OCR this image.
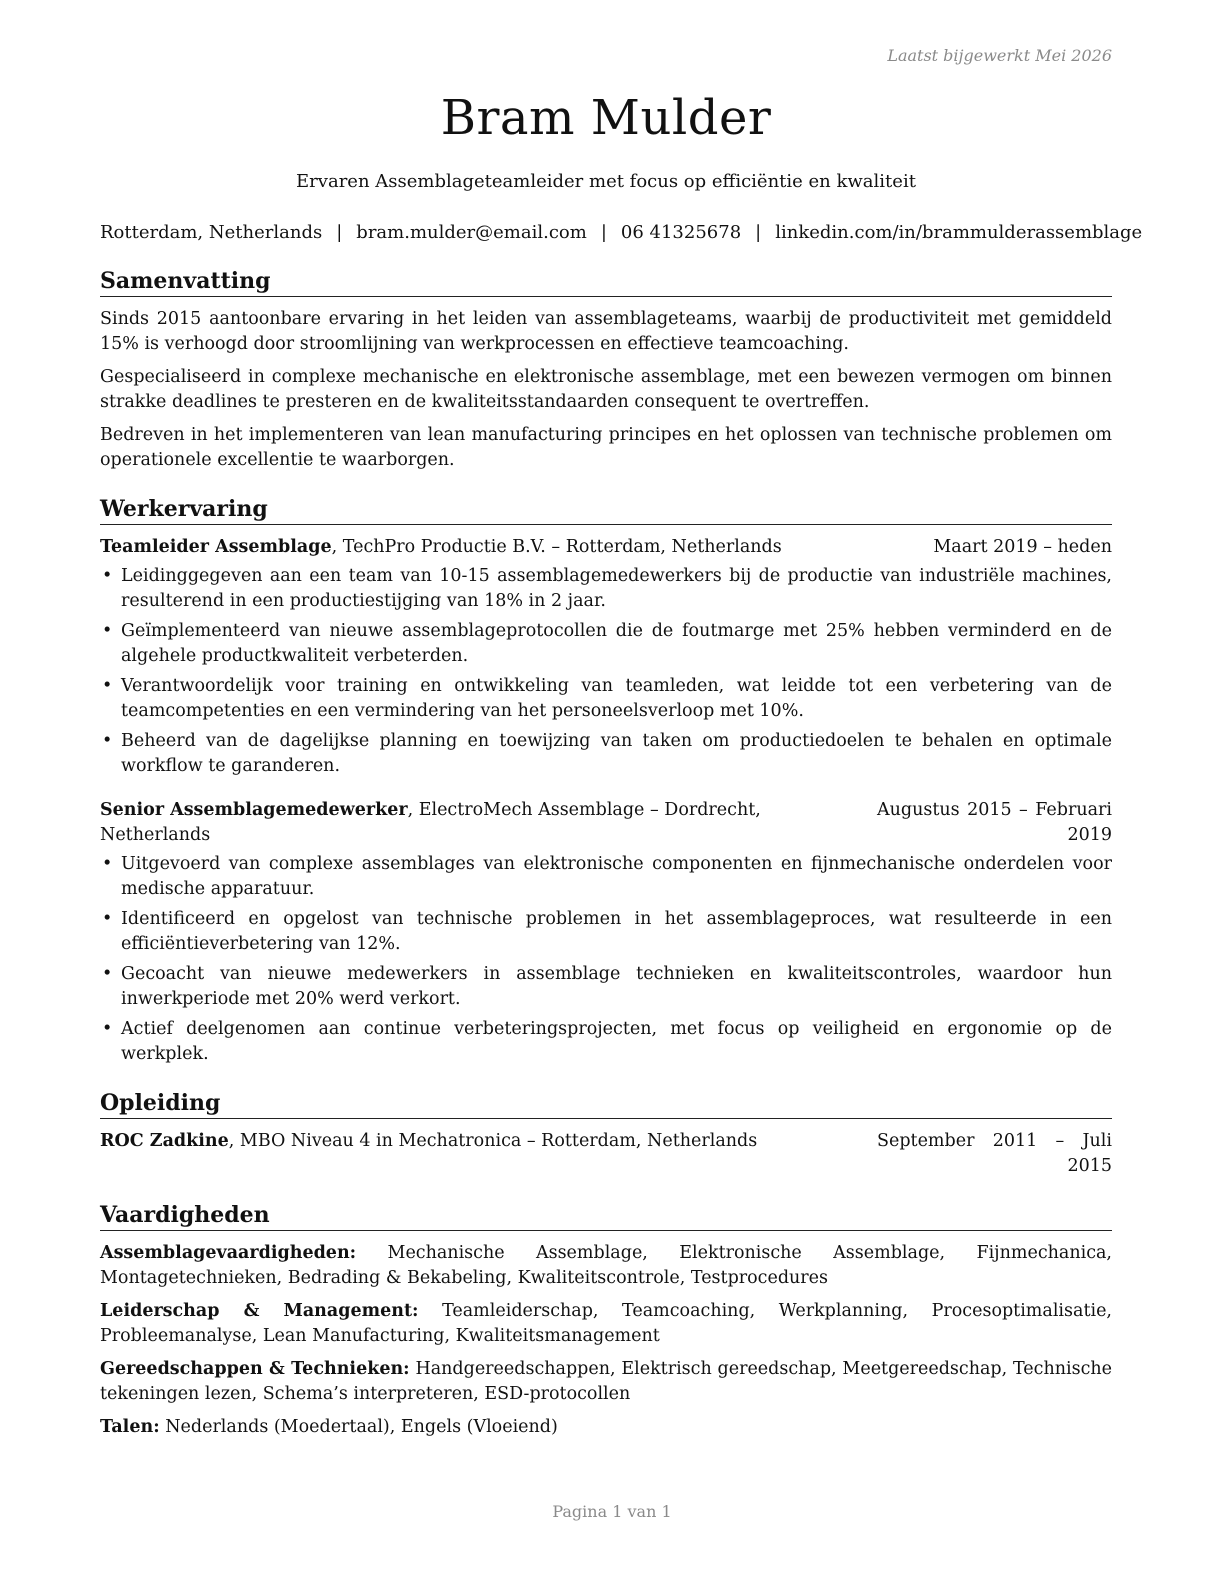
Laatst bijgewerkt Mei 2026
Bram Mulder
Ervaren Assemblageteamleider met focus op efficiëntie en kwaliteit
Rotterdam, Netherlands | bram.mulder@email.com | 06 41325678 | linkedin.com/in/brammulderassemblage
Samenvatting

Sinds 2015 aantoonbare ervaring in het leiden van assemblageteams, waarbij de productiviteit met gemiddeld 15% is verhoogd door stroomlijning van werkprocessen en effectieve teamcoaching.

Gespecialiseerd in complexe mechanische en elektronische assemblage, met een bewezen vermogen om binnen strakke deadlines te presteren en de kwaliteitsstandaarden consequent te overtreffen.

Bedreven in het implementeren van lean manufacturing principes en het oplossen van technische problemen om operationele excellentie te waarborgen.

Werkervaring
Teamleider Assemblage, TechPro Productie B.V. – Rotterdam, Netherlands	Maart 2019 – heden
• Leidinggegeven aan een team van 10-15 assemblagemedewerkers bij de productie van industriële machines, resulterend in een productiestijging van 18% in 2 jaar.
• Geïmplementeerd van nieuwe assemblageprotocollen die de foutmarge met 25% hebben verminderd en de algehele productkwaliteit verbeterden.
• Verantwoordelijk voor training en ontwikkeling van teamleden, wat leidde tot een verbetering van de teamcompetenties en een vermindering van het personeelsverloop met 10%.
• Beheerd van de dagelijkse planning en toewijzing van taken om productiedoelen te behalen en optimale workflow te garanderen.
Senior Assemblagemedewerker, ElectroMech Assemblage – Dordrecht, Netherlands
Augustus 2015 – Februari 2019
• Uitgevoerd van complexe assemblages van elektronische componenten en fijnmechanische onderdelen voor medische apparatuur.
• Identificeerd en opgelost van technische problemen in het assemblageproces, wat resulteerde in een efficiëntieverbetering van 12%.
• Gecoacht van nieuwe medewerkers in assemblage technieken en kwaliteitscontroles, waardoor hun inwerkperiode met 20% werd verkort.
• Actief deelgenomen aan continue verbeteringsprojecten, met focus op veiligheid en ergonomie op de werkplek.
Opleiding
ROC Zadkine, MBO Niveau 4 in Mechatronica – Rotterdam, Netherlands	September 2011 – Juli 2015
Vaardigheden

Assemblagevaardigheden: Mechanische Assemblage, Elektronische Assemblage, Fijnmechanica, Montagetechnieken, Bedrading & Bekabeling, Kwaliteitscontrole, Testprocedures

Leiderschap & Management: Teamleiderschap, Teamcoaching, Werkplanning, Procesoptimalisatie, Probleemanalyse, Lean Manufacturing, Kwaliteitsmanagement

Gereedschappen & Technieken: Handgereedschappen, Elektrisch gereedschap, Meetgereedschap, Technische tekeningen lezen, Schema’s interpreteren, ESD-protocollen

Talen: Nederlands (Moedertaal), Engels (Vloeiend)

Pagina 1 van 1
